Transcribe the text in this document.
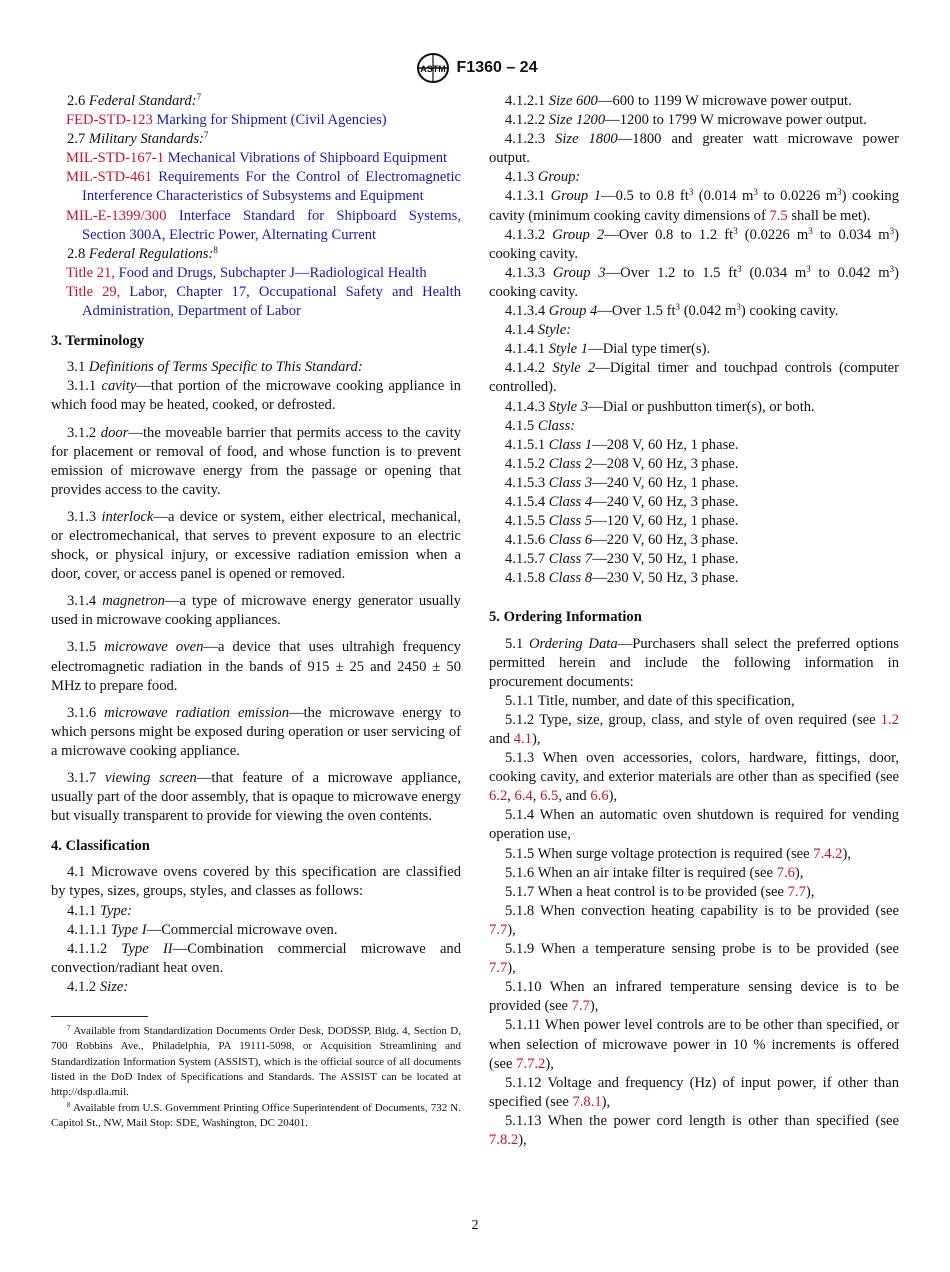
ASTM F1360 – 24

2.6 Federal Standard:$^7$

FED-STD-123 Marking for Shipment (Civil Agencies)

2.7 Military Standards:$^7$

MIL-STD-167-1 Mechanical Vibrations of Shipboard Equipment

MIL-STD-461 Requirements For the Control of Electromagnetic Interference Characteristics of Subsystems and Equipment

MIL-E-1399/300 Interface Standard for Shipboard Systems, Section 300A, Electric Power, Alternating Current

2.8 Federal Regulations:$^8$

Title 21, Food and Drugs, Subchapter J—Radiological Health

Title 29, Labor, Chapter 17, Occupational Safety and Health Administration, Department of Labor

3. Terminology

3.1 Definitions of Terms Specific to This Standard:

3.1.1 cavity—that portion of the microwave cooking appliance in which food may be heated, cooked, or defrosted.

3.1.2 door—the moveable barrier that permits access to the cavity for placement or removal of food, and whose function is to prevent emission of microwave energy from the passage or opening that provides access to the cavity.

3.1.3 interlock—a device or system, either electrical, mechanical, or electromechanical, that serves to prevent exposure to an electric shock, or physical injury, or excessive radiation emission when a door, cover, or access panel is opened or removed.

3.1.4 magnetron—a type of microwave energy generator usually used in microwave cooking appliances.

3.1.5 microwave oven—a device that uses ultrahigh frequency electromagnetic radiation in the bands of 915 ± 25 and 2450 ± 50 MHz to prepare food.

3.1.6 microwave radiation emission—the microwave energy to which persons might be exposed during operation or user servicing of a microwave cooking appliance.

3.1.7 viewing screen—that feature of a microwave appliance, usually part of the door assembly, that is opaque to microwave energy but visually transparent to provide for viewing the oven contents.

4. Classification

4.1 Microwave ovens covered by this specification are classified by types, sizes, groups, styles, and classes as follows:

4.1.1 Type:

4.1.1.1 Type I—Commercial microwave oven.

4.1.1.2 Type II—Combination commercial microwave and convection/radiant heat oven.

4.1.2 Size:

$^7$ Available from Standardization Documents Order Desk, DODSSP, Bldg. 4, Section D, 700 Robbins Ave., Philadelphia, PA 19111-5098, or Acquisition Streamlining and Standardization Information System (ASSIST), which is the official source of all documents listed in the DoD Index of Specifications and Standards. The ASSIST can be located at http://dsp.dla.mil.

$^8$ Available from U.S. Government Printing Office Superintendent of Documents, 732 N. Capitol St., NW, Mail Stop: SDE, Washington, DC 20401.

4.1.2.1 Size 600—600 to 1199 W microwave power output.

4.1.2.2 Size 1200—1200 to 1799 W microwave power output.

4.1.2.3 Size 1800—1800 and greater watt microwave power output.

4.1.3 Group:

4.1.3.1 Group 1—0.5 to 0.8 $ft^3$ (0.014 $m^3$ to 0.0226 $m^3$) cooking cavity (minimum cooking cavity dimensions of 7.5 shall be met).

4.1.3.2 Group 2—Over 0.8 to 1.2 $ft^3$ (0.0226 $m^3$ to 0.034 $m^3$) cooking cavity.

4.1.3.3 Group 3—Over 1.2 to 1.5 $ft^3$ (0.034 $m^3$ to 0.042 $m^3$) cooking cavity.

4.1.3.4 Group 4—Over 1.5 $ft^3$ (0.042 $m^3$) cooking cavity.

4.1.4 Style:

4.1.4.1 Style 1—Dial type timer(s).

4.1.4.2 Style 2—Digital timer and touchpad controls (computer controlled).

4.1.4.3 Style 3—Dial or pushbutton timer(s), or both.

4.1.5 Class:

4.1.5.1 Class 1—208 V, 60 Hz, 1 phase.

4.1.5.2 Class 2—208 V, 60 Hz, 3 phase.

4.1.5.3 Class 3—240 V, 60 Hz, 1 phase.

4.1.5.4 Class 4—240 V, 60 Hz, 3 phase.

4.1.5.5 Class 5—120 V, 60 Hz, 1 phase.

4.1.5.6 Class 6—220 V, 60 Hz, 3 phase.

4.1.5.7 Class 7—230 V, 50 Hz, 1 phase.

4.1.5.8 Class 8—230 V, 50 Hz, 3 phase.

5. Ordering Information

5.1 Ordering Data—Purchasers shall select the preferred options permitted herein and include the following information in procurement documents:

5.1.1 Title, number, and date of this specification,

5.1.2 Type, size, group, class, and style of oven required (see 1.2 and 4.1),

5.1.3 When oven accessories, colors, hardware, fittings, door, cooking cavity, and exterior materials are other than as specified (see 6.2, 6.4, 6.5, and 6.6),

5.1.4 When an automatic oven shutdown is required for vending operation use,

5.1.5 When surge voltage protection is required (see 7.4.2),

5.1.6 When an air intake filter is required (see 7.6),

5.1.7 When a heat control is to be provided (see 7.7),

5.1.8 When convection heating capability is to be provided (see 7.7),

5.1.9 When a temperature sensing probe is to be provided (see 7.7),

5.1.10 When an infrared temperature sensing device is to be provided (see 7.7),

5.1.11 When power level controls are to be other than specified, or when selection of microwave power in 10 % increments is offered (see 7.7.2),

5.1.12 Voltage and frequency (Hz) of input power, if other than specified (see 7.8.1),

5.1.13 When the power cord length is other than specified (see 7.8.2),

2
